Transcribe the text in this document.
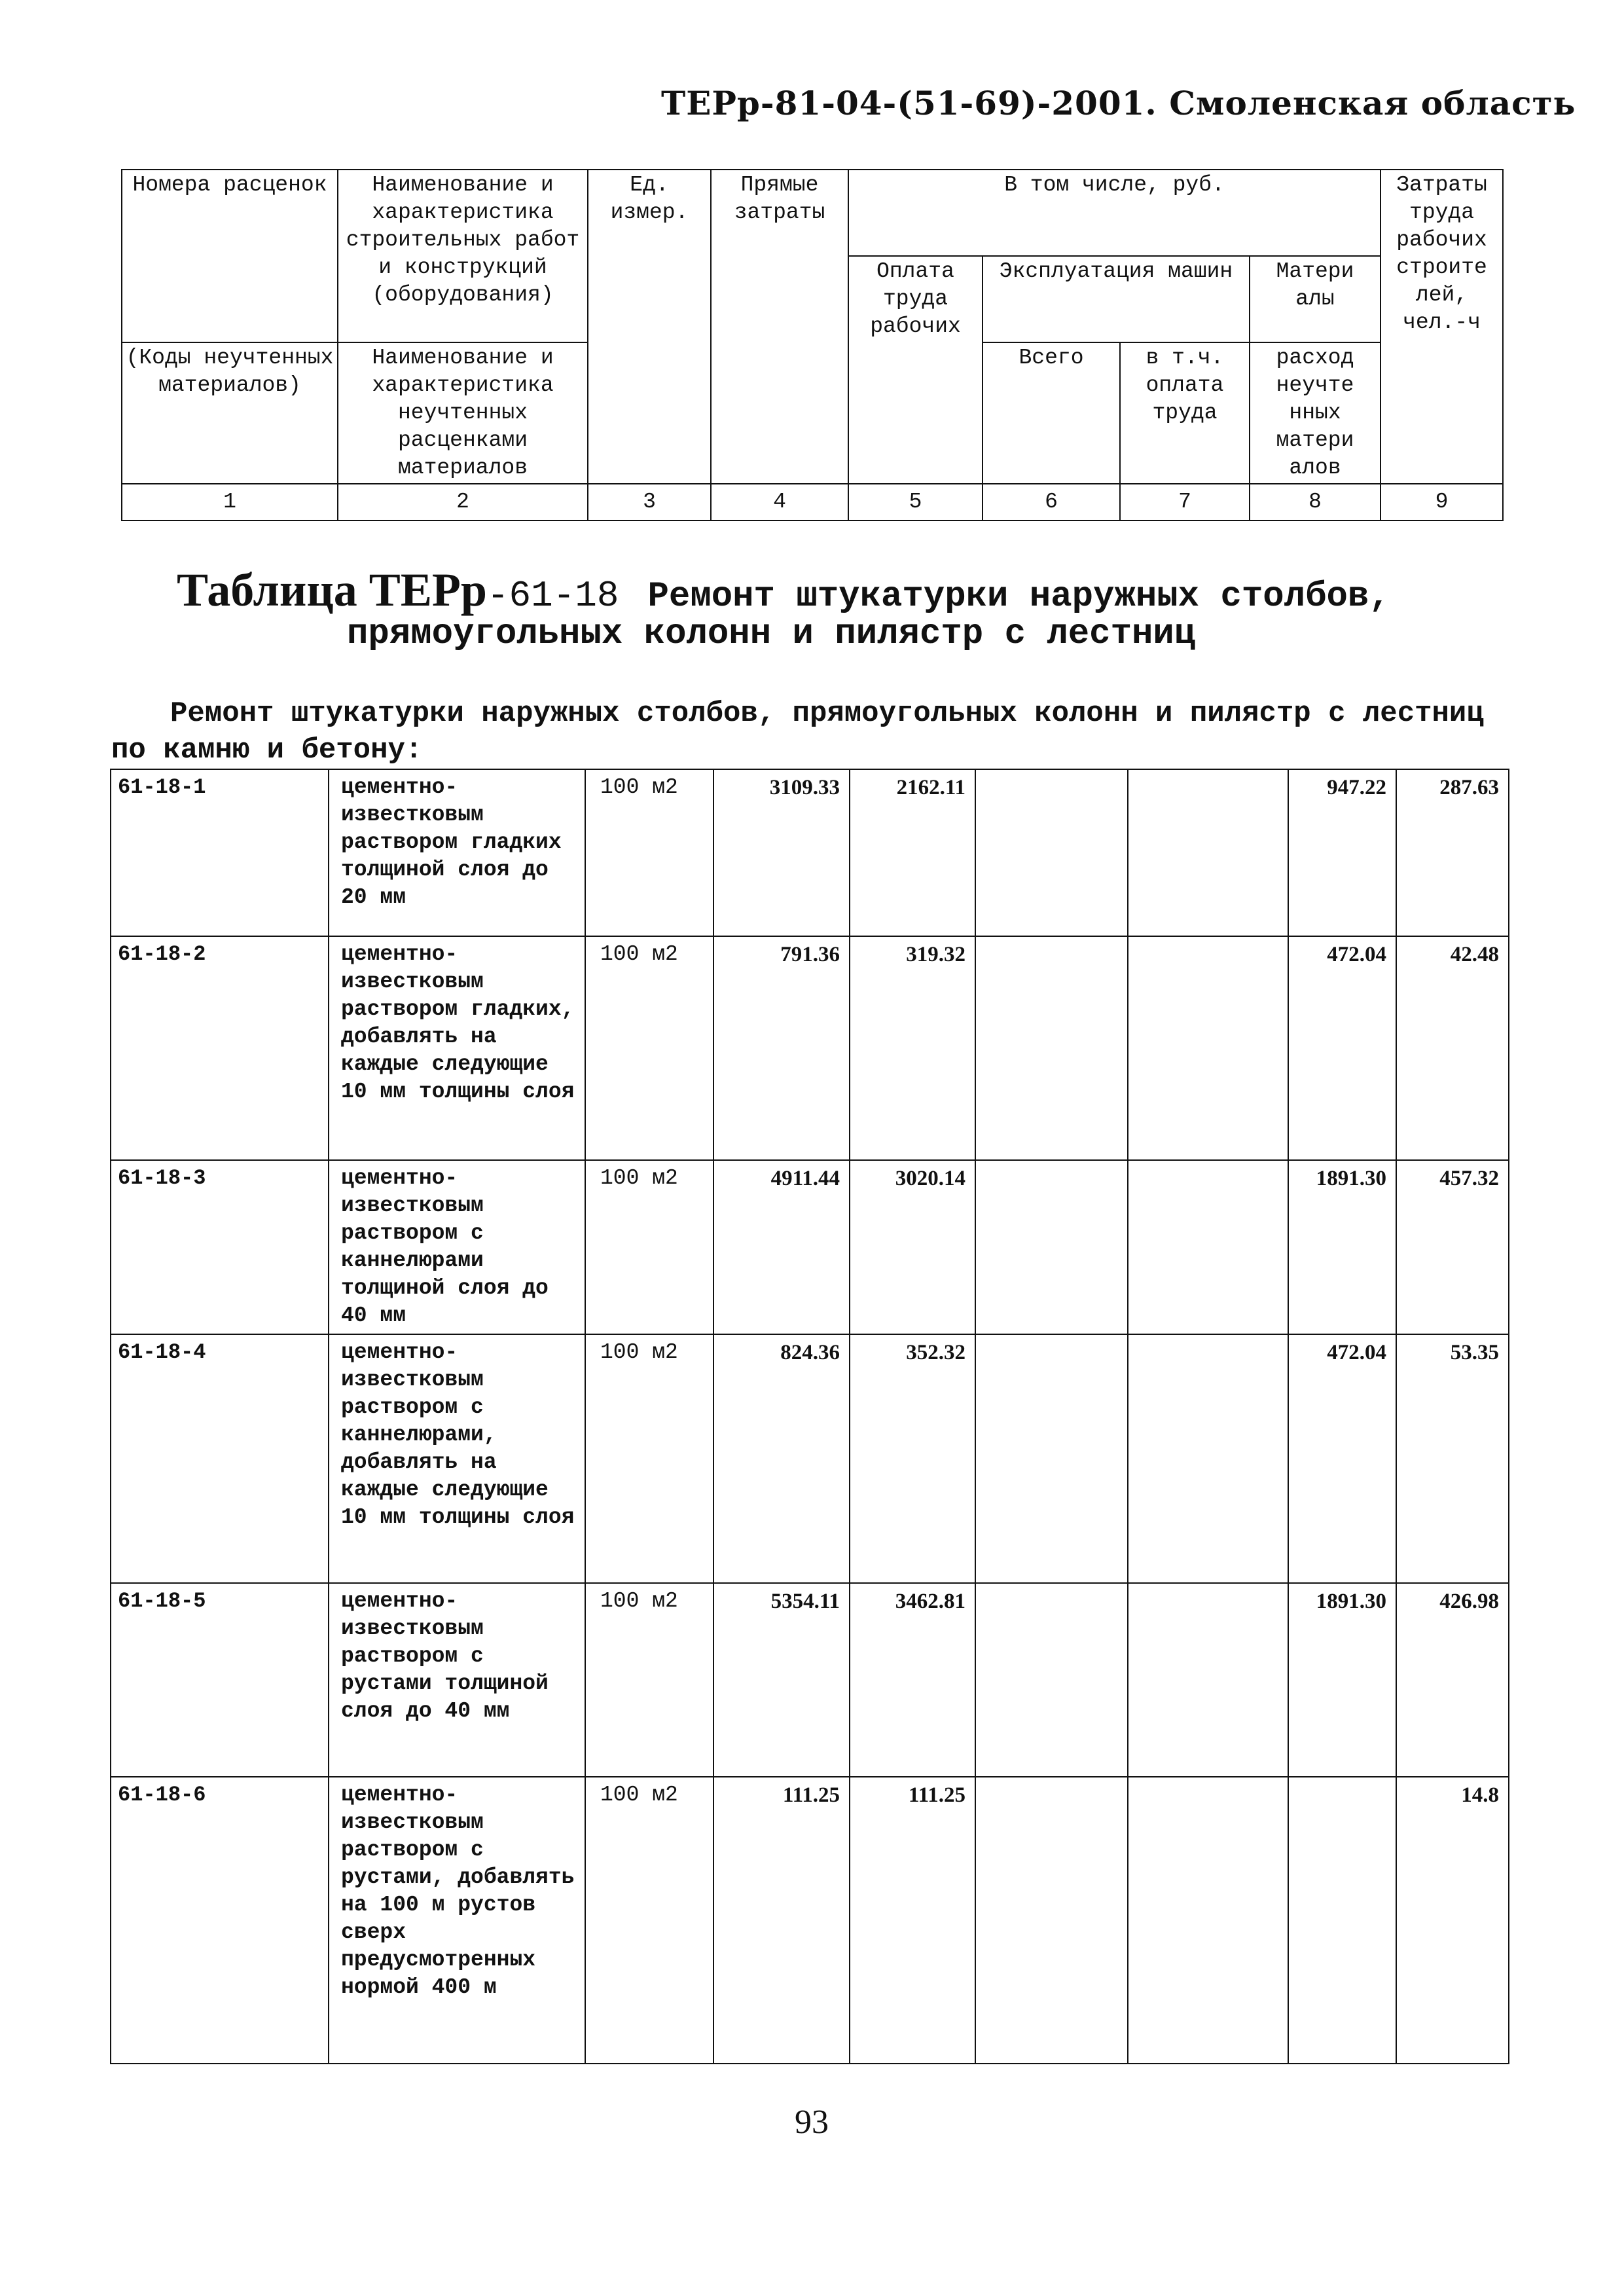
ТЕРр-81-04-(51-69)-2001. Смоленская область
Номера расценок	Наименование и характеристика строительных работ и конструкций (оборудования)	Ед. измер.	Прямые затраты	В том числе, руб.				Затраты труда рабочих строите лей, чел.-ч
				Оплата труда рабочих	Эксплуатация машин		Матери алы	
(Коды неучтенных материалов)	Наименование и характеристика неучтенных расценками материалов				Всего	в т.ч. оплата труда	расход неучте нных матери алов	
1	2	3	4	5	6	7	8	9
Таблица ТЕРр-61-18 Ремонт штукатурки наружных столбов,
прямоугольных колонн и пилястр с лестниц
Ремонт штукатурки наружных столбов, прямоугольных колонн и пилястр с лестниц по камню и бетону:
61-18-1	цементно-известковым раствором гладких толщиной слоя до 20 мм	100 м2	3109.33	2162.11			947.22	287.63
61-18-2	цементно-известковым раствором гладких, добавлять на каждые следующие 10 мм толщины слоя	100 м2	791.36	319.32			472.04	42.48
61-18-3	цементно-известковым раствором с каннелюрами толщиной слоя до 40 мм	100 м2	4911.44	3020.14			1891.30	457.32
61-18-4	цементно-известковым раствором с каннелюрами, добавлять на каждые следующие 10 мм толщины слоя	100 м2	824.36	352.32			472.04	53.35
61-18-5	цементно-известковым раствором с рустами толщиной слоя до 40 мм	100 м2	5354.11	3462.81			1891.30	426.98
61-18-6	цементно-известковым раствором с рустами, добавлять на 100 м рустов сверх предусмотренных нормой 400 м	100 м2	111.25	111.25				14.8
93
